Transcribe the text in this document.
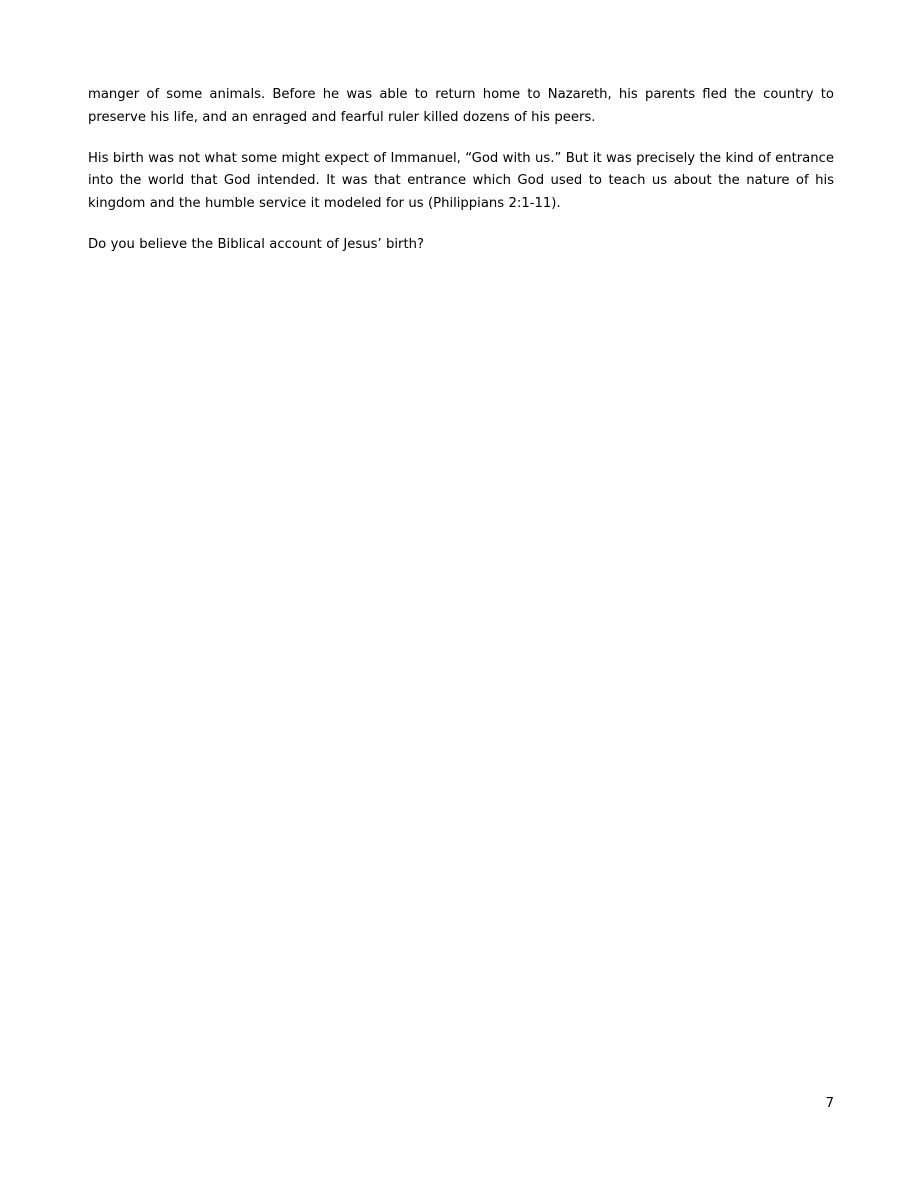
manger of some animals. Before he was able to return home to Nazareth, his parents fled the country to preserve his life, and an enraged and fearful ruler killed dozens of his peers.

His birth was not what some might expect of Immanuel, “God with us.” But it was precisely the kind of entrance into the world that God intended. It was that entrance which God used to teach us about the nature of his kingdom and the humble service it modeled for us (Philippians 2:1-11).

Do you believe the Biblical account of Jesus’ birth?

7
